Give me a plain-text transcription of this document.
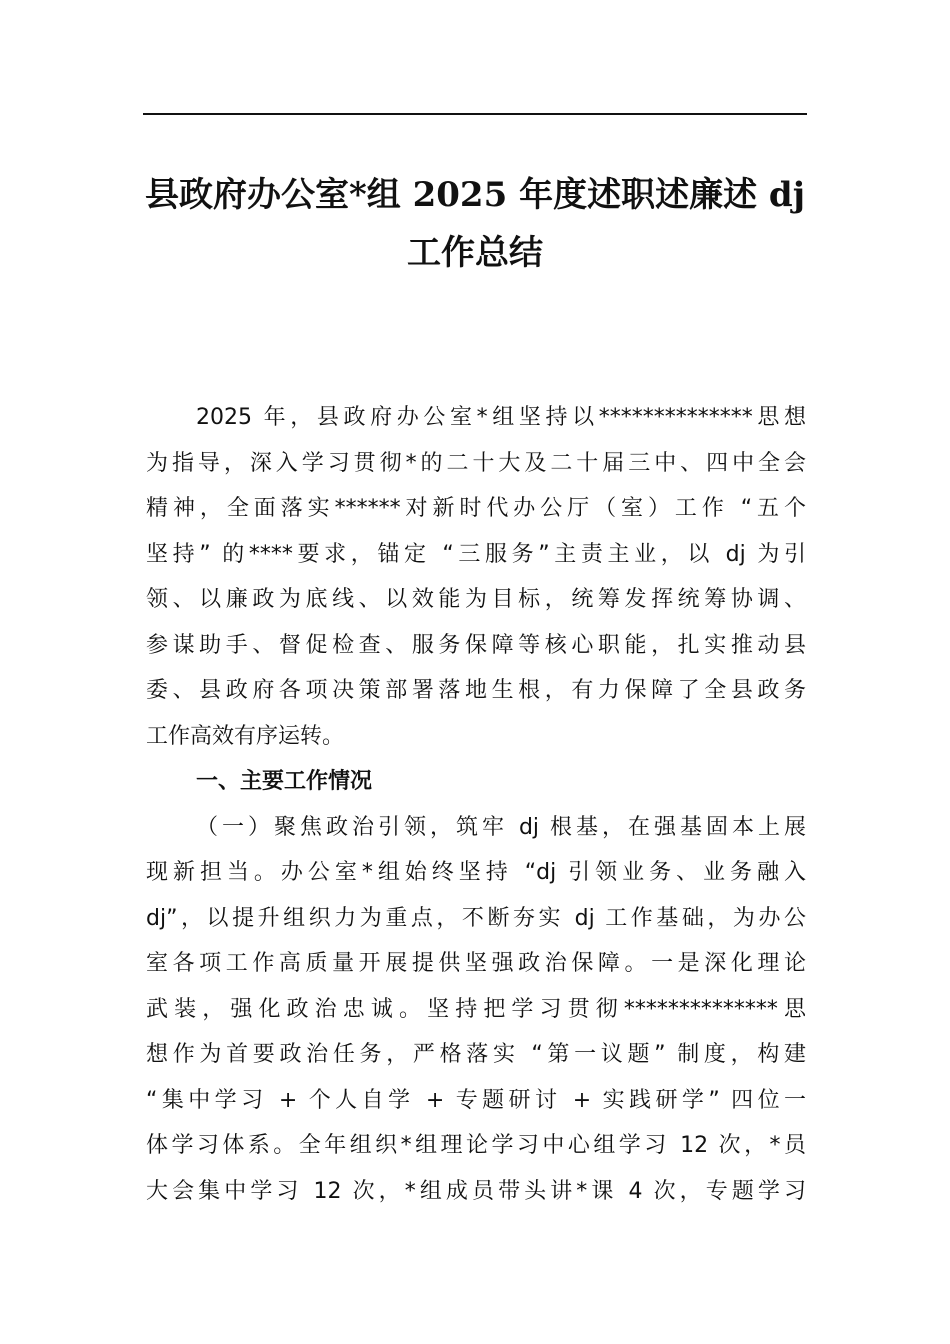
县政府办公室*组 2025 年度述职述廉述 dj
工作总结
2025 年，县政府办公室*组坚持以**************思想
为指导，深入学习贯彻*的二十大及二十届三中、四中全会
精神，全面落实******对新时代办公厅（室）工作 “五个
坚持” 的****要求，锚定 “三服务”主责主业，以 dj 为引
领、以廉政为底线、以效能为目标，统筹发挥统筹协调、
参谋助手、督促检查、服务保障等核心职能，扎实推动县
委、县政府各项决策部署落地生根，有力保障了全县政务
工作高效有序运转。
一、主要工作情况
（一）聚焦政治引领，筑牢 dj 根基，在强基固本上展
现新担当。办公室*组始终坚持 “dj 引领业务、业务融入
dj”，以提升组织力为重点，不断夯实 dj 工作基础，为办公
室各项工作高质量开展提供坚强政治保障。一是深化理论
武装，强化政治忠诚。坚持把学习贯彻**************思
想作为首要政治任务，严格落实 “第一议题” 制度，构建
“集中学习 + 个人自学 + 专题研讨 + 实践研学” 四位一
体学习体系。全年组织*组理论学习中心组学习 12 次，*员
大会集中学习 12 次，*组成员带头讲*课 4 次，专题学习
